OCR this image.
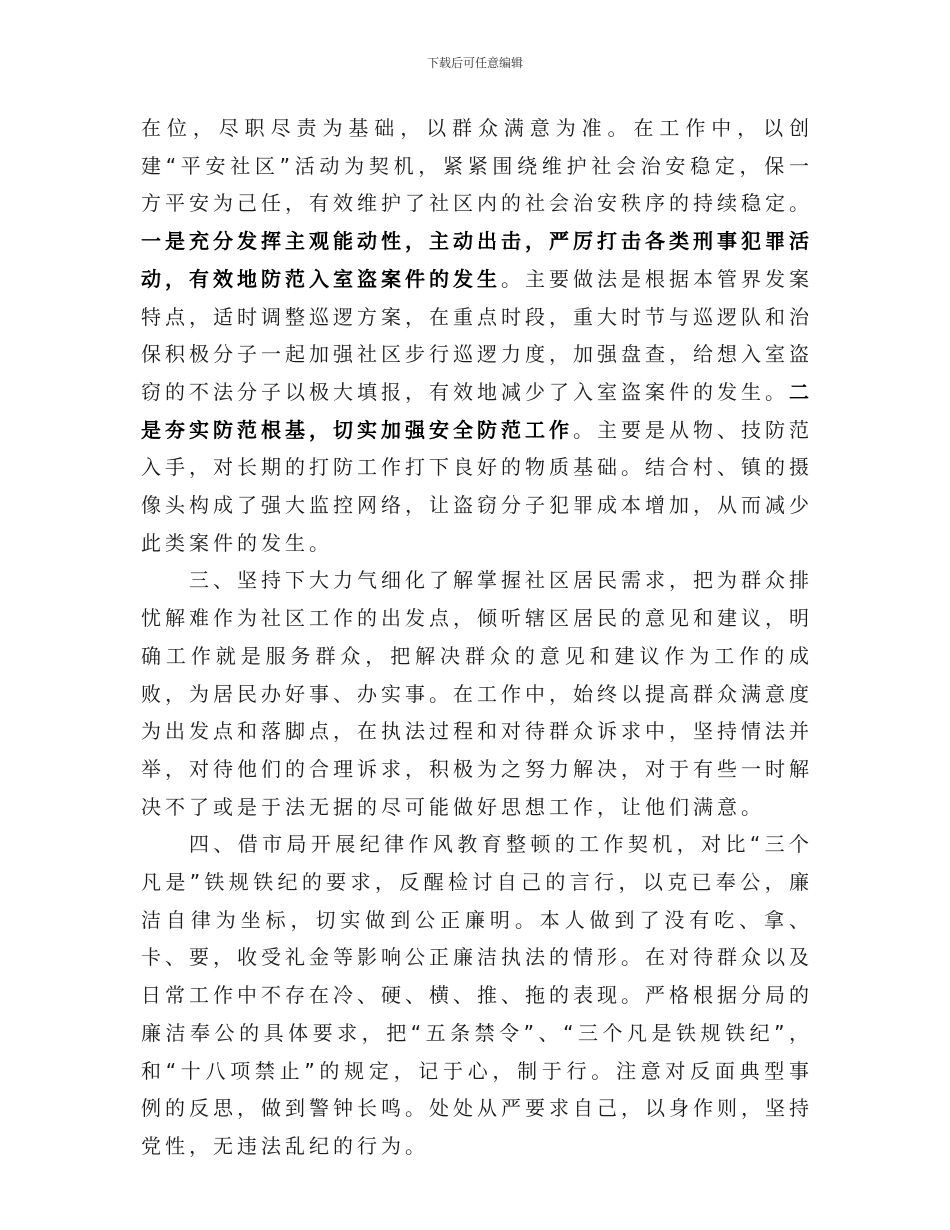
下载后可任意编辑

在位，尽职尽责为基础，以群众满意为准。在工作中，以创建“平安社区”活动为契机，紧紧围绕维护社会治安稳定，保一方平安为己任，有效维护了社区内的社会治安秩序的持续稳定。一是充分发挥主观能动性，主动出击，严厉打击各类刑事犯罪活动，有效地防范入室盗案件的发生。主要做法是根据本管界发案特点，适时调整巡逻方案，在重点时段，重大时节与巡逻队和治保积极分子一起加强社区步行巡逻力度，加强盘查，给想入室盗窃的不法分子以极大填报，有效地减少了入室盗案件的发生。二是夯实防范根基，切实加强安全防范工作。主要是从物、技防范入手，对长期的打防工作打下良好的物质基础。结合村、镇的摄像头构成了强大监控网络，让盗窃分子犯罪成本增加，从而减少此类案件的发生。

三、坚持下大力气细化了解掌握社区居民需求，把为群众排忧解难作为社区工作的出发点，倾听辖区居民的意见和建议，明确工作就是服务群众，把解决群众的意见和建议作为工作的成败，为居民办好事、办实事。在工作中，始终以提高群众满意度为出发点和落脚点，在执法过程和对待群众诉求中，坚持情法并举，对待他们的合理诉求，积极为之努力解决，对于有些一时解决不了或是于法无据的尽可能做好思想工作，让他们满意。

四、借市局开展纪律作风教育整顿的工作契机，对比“三个凡是”铁规铁纪的要求，反醒检讨自己的言行，以克已奉公，廉洁自律为坐标，切实做到公正廉明。本人做到了没有吃、拿、卡、要，收受礼金等影响公正廉洁执法的情形。在对待群众以及日常工作中不存在冷、硬、横、推、拖的表现。严格根据分局的廉洁奉公的具体要求，把“五条禁令”、“三个凡是铁规铁纪”，和“十八项禁止”的规定，记于心，制于行。注意对反面典型事例的反思，做到警钟长鸣。处处从严要求自己，以身作则，坚持党性，无违法乱纪的行为。
